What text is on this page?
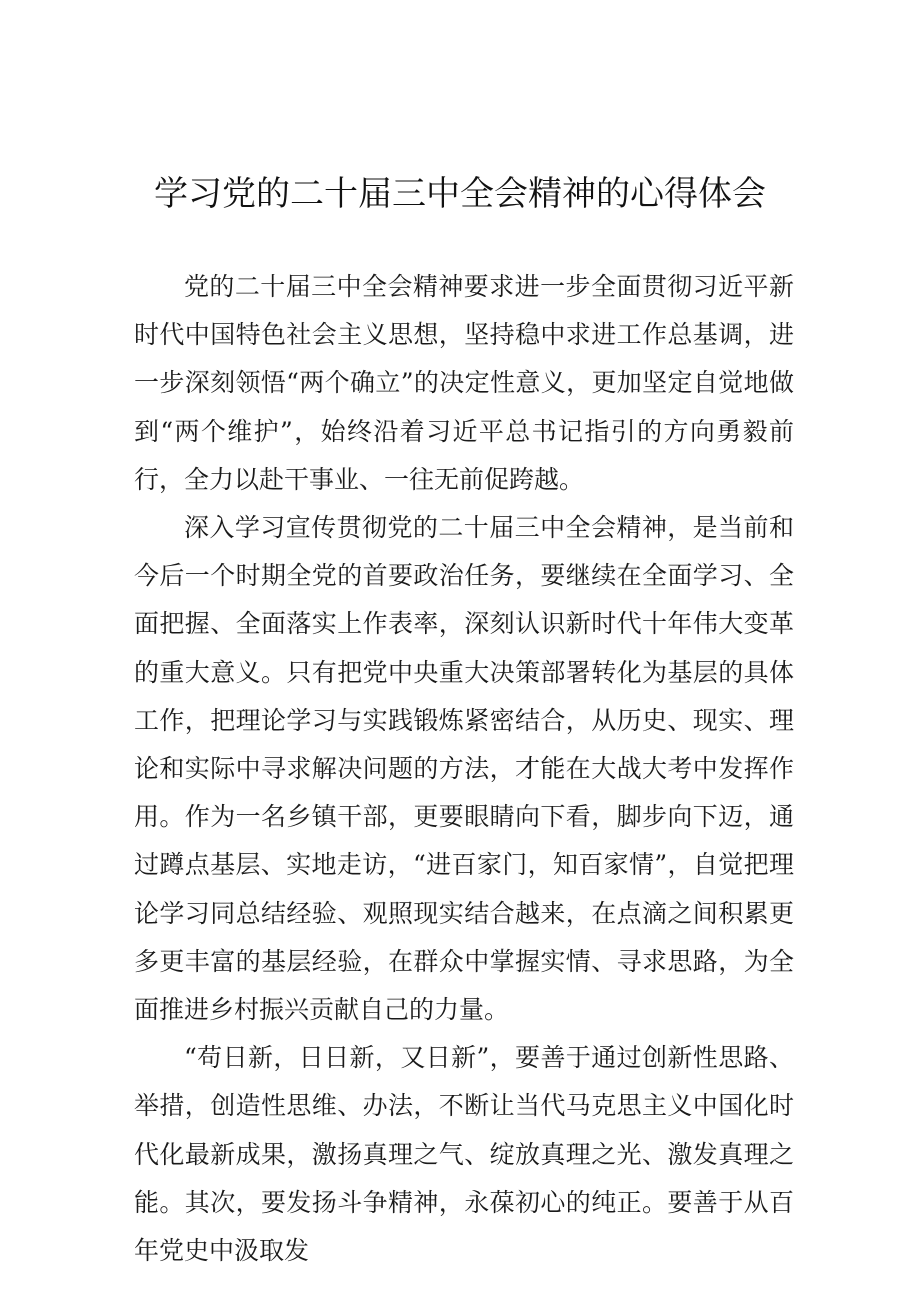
学习党的二十届三中全会精神的心得体会

党的二十届三中全会精神要求进一步全面贯彻习近平新时代中国特色社会主义思想，坚持稳中求进工作总基调，进一步深刻领悟“两个确立”的决定性意义，更加坚定自觉地做到“两个维护”，始终沿着习近平总书记指引的方向勇毅前行，全力以赴干事业、一往无前促跨越。

深入学习宣传贯彻党的二十届三中全会精神，是当前和今后一个时期全党的首要政治任务，要继续在全面学习、全面把握、全面落实上作表率，深刻认识新时代十年伟大变革的重大意义。只有把党中央重大决策部署转化为基层的具体工作，把理论学习与实践锻炼紧密结合，从历史、现实、理论和实际中寻求解决问题的方法，才能在大战大考中发挥作用。作为一名乡镇干部，更要眼睛向下看，脚步向下迈，通过蹲点基层、实地走访，“进百家门，知百家情”，自觉把理论学习同总结经验、观照现实结合越来，在点滴之间积累更多更丰富的基层经验，在群众中掌握实情、寻求思路，为全面推进乡村振兴贡献自己的力量。

“苟日新，日日新，又日新”，要善于通过创新性思路、举措，创造性思维、办法，不断让当代马克思主义中国化时代化最新成果，激扬真理之气、绽放真理之光、激发真理之能。其次，要发扬斗争精神，永葆初心的纯正。要善于从百年党史中汲取发
